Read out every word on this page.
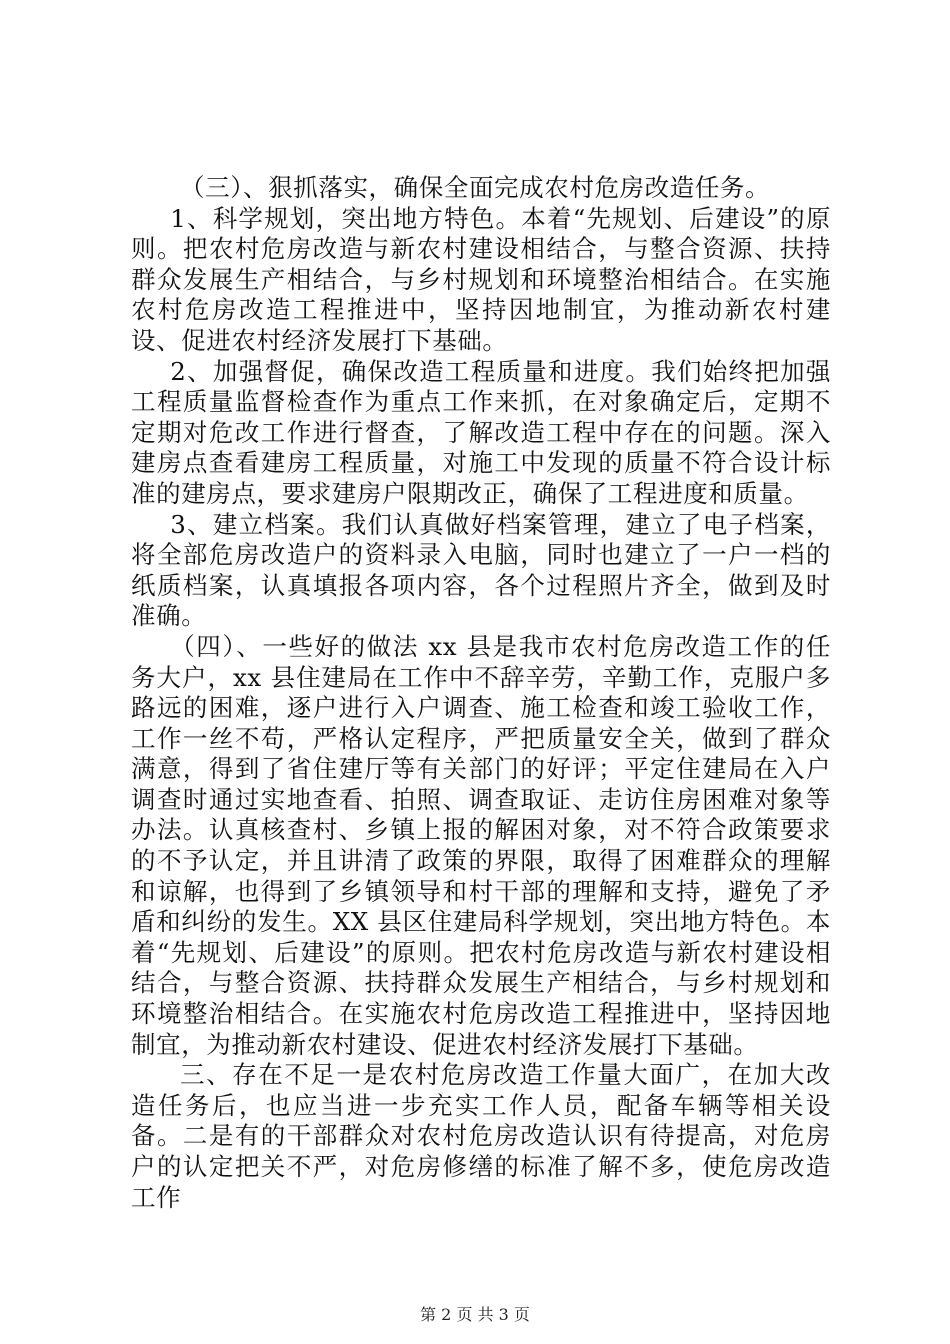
（三）、狠抓落实，确保全面完成农村危房改造任务。

1、科学规划，突出地方特色。本着“先规划、后建设”的原则。把农村危房改造与新农村建设相结合，与整合资源、扶持群众发展生产相结合，与乡村规划和环境整治相结合。在实施农村危房改造工程推进中，坚持因地制宜，为推动新农村建设、促进农村经济发展打下基础。

2、加强督促，确保改造工程质量和进度。我们始终把加强工程质量监督检查作为重点工作来抓，在对象确定后，定期不定期对危改工作进行督查，了解改造工程中存在的问题。深入建房点查看建房工程质量，对施工中发现的质量不符合设计标准的建房点，要求建房户限期改正，确保了工程进度和质量。

3、建立档案。我们认真做好档案管理，建立了电子档案，将全部危房改造户的资料录入电脑，同时也建立了一户一档的纸质档案，认真填报各项内容，各个过程照片齐全，做到及时准确。

（四）、一些好的做法 xx 县是我市农村危房改造工作的任务大户，xx 县住建局在工作中不辞辛劳，辛勤工作，克服户多路远的困难，逐户进行入户调查、施工检查和竣工验收工作，工作一丝不苟，严格认定程序，严把质量安全关，做到了群众满意，得到了省住建厅等有关部门的好评；平定住建局在入户调查时通过实地查看、拍照、调查取证、走访住房困难对象等办法。认真核查村、乡镇上报的解困对象，对不符合政策要求的不予认定，并且讲清了政策的界限，取得了困难群众的理解和谅解，也得到了乡镇领导和村干部的理解和支持，避免了矛盾和纠纷的发生。XX 县区住建局科学规划，突出地方特色。本着“先规划、后建设”的原则。把农村危房改造与新农村建设相结合，与整合资源、扶持群众发展生产相结合，与乡村规划和环境整治相结合。在实施农村危房改造工程推进中，坚持因地制宜，为推动新农村建设、促进农村经济发展打下基础。

三、存在不足一是农村危房改造工作量大面广，在加大改造任务后，也应当进一步充实工作人员，配备车辆等相关设备。二是有的干部群众对农村危房改造认识有待提高，对危房户的认定把关不严，对危房修缮的标准了解不多，使危房改造工作

第 2 页 共 3 页
